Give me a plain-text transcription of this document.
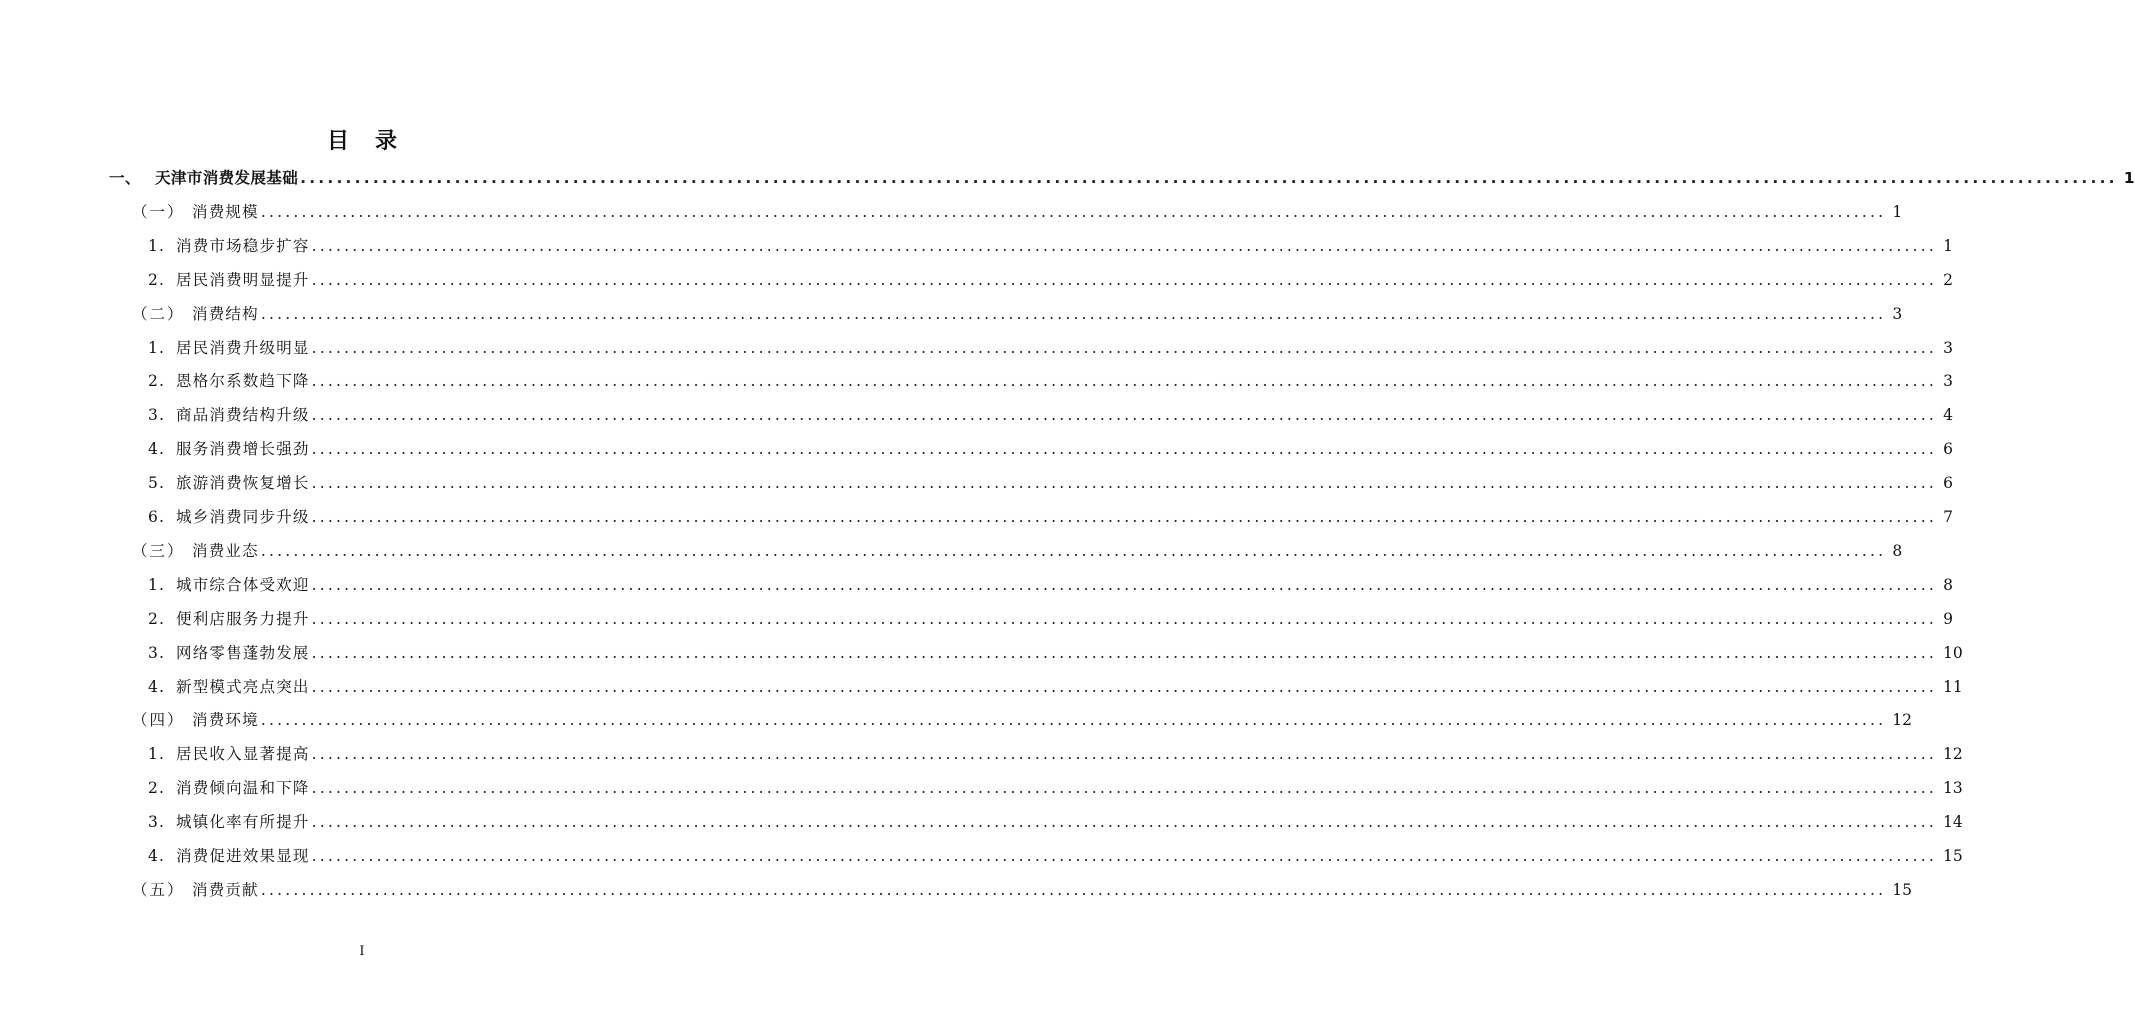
目 录
一、 天津市消费发展基础 ........................................................................................................................................................................................................ 1
（一） 消费规模 ........................................................................................................................................................................................................ 1
1. 消费市场稳步扩容 ........................................................................................................................................................................................................ 1
2. 居民消费明显提升 ........................................................................................................................................................................................................ 2
（二） 消费结构 ........................................................................................................................................................................................................ 3
1. 居民消费升级明显 ........................................................................................................................................................................................................ 3
2. 恩格尔系数趋下降 ........................................................................................................................................................................................................ 3
3. 商品消费结构升级 ........................................................................................................................................................................................................ 4
4. 服务消费增长强劲 ........................................................................................................................................................................................................ 6
5. 旅游消费恢复增长 ........................................................................................................................................................................................................ 6
6. 城乡消费同步升级 ........................................................................................................................................................................................................ 7
（三） 消费业态 ........................................................................................................................................................................................................ 8
1. 城市综合体受欢迎 ........................................................................................................................................................................................................ 8
2. 便利店服务力提升 ........................................................................................................................................................................................................ 9
3. 网络零售蓬勃发展 ........................................................................................................................................................................................................ 10
4. 新型模式亮点突出 ........................................................................................................................................................................................................ 11
（四） 消费环境 ........................................................................................................................................................................................................ 12
1. 居民收入显著提高 ........................................................................................................................................................................................................ 12
2. 消费倾向温和下降 ........................................................................................................................................................................................................ 13
3. 城镇化率有所提升 ........................................................................................................................................................................................................ 14
4. 消费促进效果显现 ........................................................................................................................................................................................................ 15
（五） 消费贡献 ........................................................................................................................................................................................................ 15
I
